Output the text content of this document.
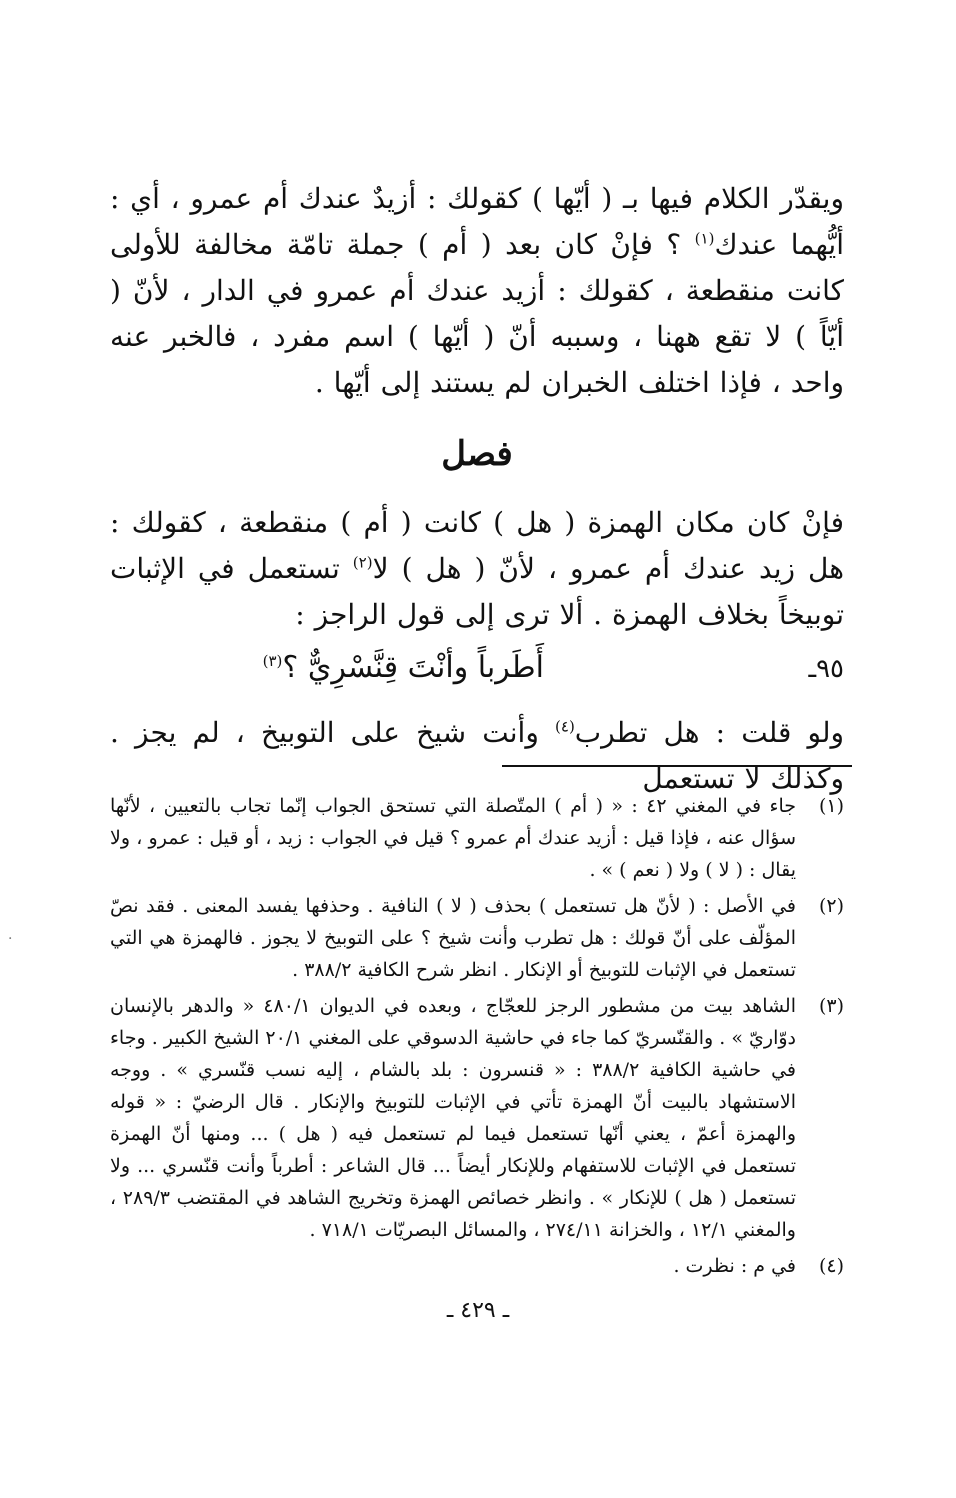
ويقدّر الكلام فيها بـ ( أيّها ) كقولك : أزيدٌ عندك أم عمرو ، أي : أيُّهما عندك$^{(١)}$ ؟ فإنْ كان بعد ( أم ) جملة تامّة مخالفة للأولى كانت منقطعة ، كقولك : أزيد عندك أم عمرو في الدار ، لأنّ ( أيّاً ) لا تقع ههنا ، وسببه أنّ ( أيّها ) اسم مفرد ، فالخبر عنه واحد ، فإذا اختلف الخبران لم يستند إلى أيّها .

فصل

فإنْ كان مكان الهمزة ( هل ) كانت ( أم ) منقطعة ، كقولك : هل زيد عندك أم عمرو ، لأنّ ( هل ) لا$^{(٢)}$ تستعمل في الإثبات توبيخاً بخلاف الهمزة . ألا ترى إلى قول الراجز :

٩٥ـ
أَطَرباً وأنْتَ قِنَّسْرِيٌّ ؟$^{(٣)}$

ولو قلت : هل تطرب$^{(٤)}$ وأنت شيخ على التوبيخ ، لم يجز . وكذلك لا تستعمل

(١)
جاء في المغني ٤٢ : « ( أم ) المتّصلة التي تستحق الجواب إنّما تجاب بالتعيين ، لأنّها سؤال عنه ، فإذا قيل : أزيد عندك أم عمرو ؟ قيل في الجواب : زيد ، أو قيل : عمرو ، ولا يقال : ( لا ) ولا ( نعم ) » .
(٢)
في الأصل : ( لأنّ هل تستعمل ) بحذف ( لا ) النافية . وحذفها يفسد المعنى . فقد نصّ المؤلّف على أنّ قولك : هل تطرب وأنت شيخ ؟ على التوبيخ لا يجوز . فالهمزة هي التي تستعمل في الإثبات للتوبيخ أو الإنكار . انظر شرح الكافية ٣٨٨/٢ .
(٣)
الشاهد بيت من مشطور الرجز للعجّاج ، وبعده في الديوان ٤٨٠/١ « والدهر بالإنسان دوّاريّ » . والقنّسريّ كما جاء في حاشية الدسوقي على المغني ٢٠/١ الشيخ الكبير . وجاء في حاشية الكافية ٣٨٨/٢ : « قنسرون : بلد بالشام ، إليه نسب قنّسري » . ووجه الاستشهاد بالبيت أنّ الهمزة تأتي في الإثبات للتوبيخ والإنكار . قال الرضيّ : « قوله والهمزة أعمّ ، يعني أنّها تستعمل فيما لم تستعمل فيه ( هل ) ... ومنها أنّ الهمزة تستعمل في الإثبات للاستفهام وللإنكار أيضاً ... قال الشاعر : أطرباً وأنت قنّسري ... ولا تستعمل ( هل ) للإنكار » . وانظر خصائص الهمزة وتخريج الشاهد في المقتضب ٢٨٩/٣ ، والمغني ١٢/١ ، والخزانة ٢٧٤/١١ ، والمسائل البصريّات ٧١٨/١ .
(٤)
في م : نظرت .
ـ ٤٢٩ ـ
·
